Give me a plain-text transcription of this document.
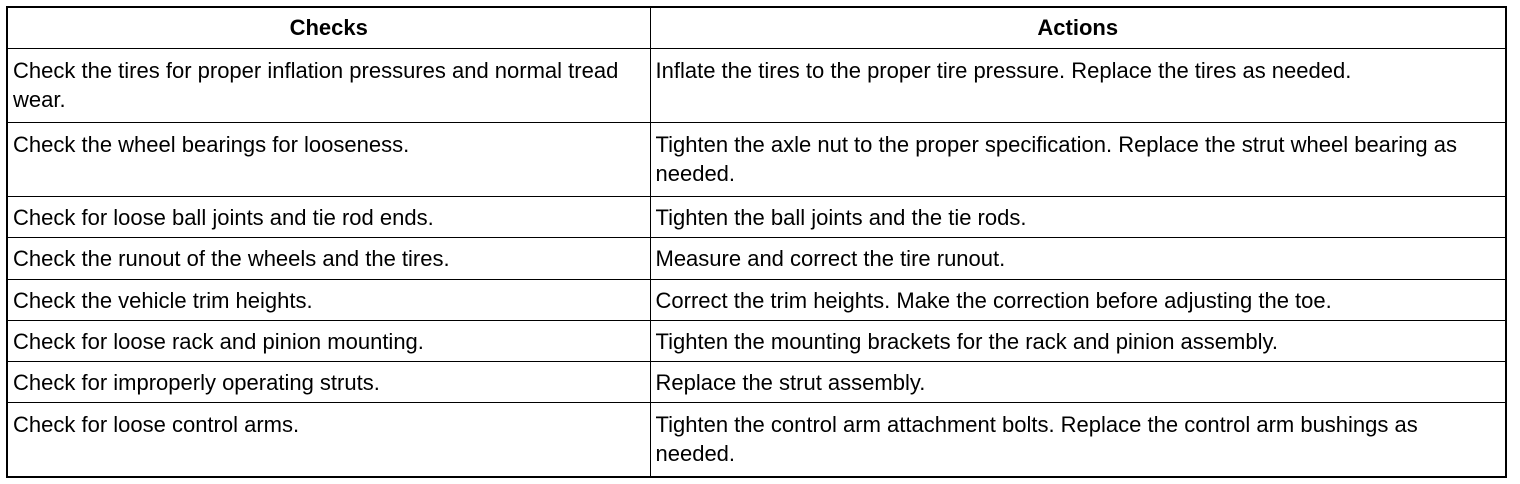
Checks	Actions
Check the tires for proper inflation pressures and normal tread wear.	Inflate the tires to the proper tire pressure. Replace the tires as needed.
Check the wheel bearings for looseness.	Tighten the axle nut to the proper specification. Replace the strut wheel bearing as needed.
Check for loose ball joints and tie rod ends.	Tighten the ball joints and the tie rods.
Check the runout of the wheels and the tires.	Measure and correct the tire runout.
Check the vehicle trim heights.	Correct the trim heights. Make the correction before adjusting the toe.
Check for loose rack and pinion mounting.	Tighten the mounting brackets for the rack and pinion assembly.
Check for improperly operating struts.	Replace the strut assembly.
Check for loose control arms.	Tighten the control arm attachment bolts. Replace the control arm bushings as needed.
